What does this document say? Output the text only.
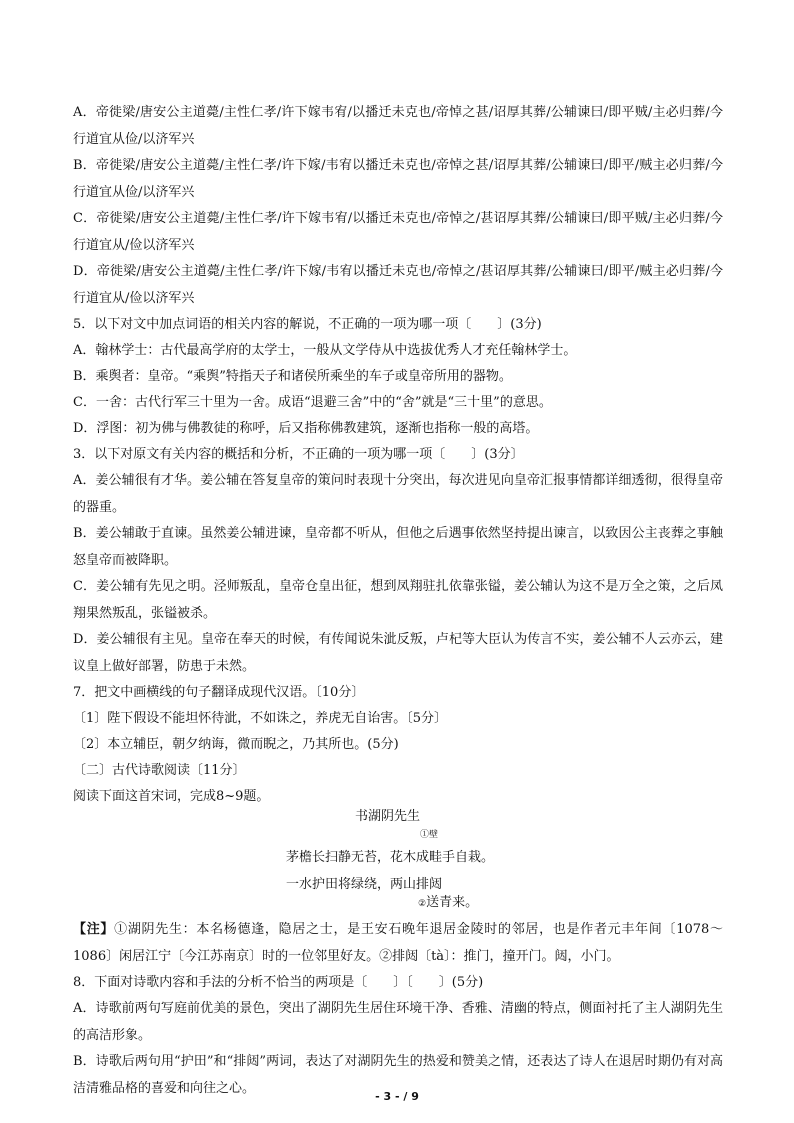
A．帝徙梁/唐安公主道薨/主性仁孝/许下嫁韦宥/以播迁未克也/帝悼之甚/诏厚其葬/公辅谏曰/即平贼/主必归葬/今行道宜从俭/以济军兴
B．帝徙梁/唐安公主道薨/主性仁孝/许下嫁/韦宥以播迁未克也/帝悼之甚/诏厚其葬/公辅谏曰/即平/贼主必归葬/今行道宜从俭/以济军兴
C．帝徙梁/唐安公主道薨/主性仁孝/许下嫁韦宥/以播迁未克也/帝悼之/甚诏厚其葬/公辅谏曰/即平贼/主必归葬/今行道宜从/俭以济军兴
D．帝徙梁/唐安公主道薨/主性仁孝/许下嫁/韦宥以播迁未克也/帝悼之/甚诏厚其葬/公辅谏曰/即平/贼主必归葬/今行道宜从/俭以济军兴
5．以下对文中加点词语的相关内容的解说，不正确的一项为哪一项〔　　〕(3分)
A．翰林学士：古代最高学府的太学士，一般从文学侍从中选拔优秀人才充任翰林学士。
B．乘舆者：皇帝。“乘舆”特指天子和诸侯所乘坐的车子或皇帝所用的器物。
C．一舍：古代行军三十里为一舍。成语“退避三舍”中的“舍”就是“三十里”的意思。
D．浮图：初为佛与佛教徒的称呼，后又指称佛教建筑，逐渐也指称一般的高塔。
3．以下对原文有关内容的概括和分析，不正确的一项为哪一项〔　　〕(3分〕
A．姜公辅很有才华。姜公辅在答复皇帝的策问时表现十分突出，每次进见向皇帝汇报事情都详细透彻，很得皇帝的器重。
B．姜公辅敢于直谏。虽然姜公辅进谏，皇帝都不听从，但他之后遇事依然坚持提出谏言，以致因公主丧葬之事触怒皇帝而被降职。
C．姜公辅有先见之明。泾师叛乱，皇帝仓皇出征，想到凤翔驻扎依靠张镒，姜公辅认为这不是万全之策，之后凤翔果然叛乱，张镒被杀。
D．姜公辅很有主见。皇帝在奉天的时候，有传闻说朱泚反叛，卢杞等大臣认为传言不实，姜公辅不人云亦云，建议皇上做好部署，防患于未然。
7．把文中画横线的句子翻译成现代汉语。〔10分〕
〔1〕陛下假设不能坦怀待泚，不如诛之，养虎无自诒害。〔5分〕
〔2〕本立辅臣，朝夕纳诲，微而睨之，乃其所也。(5分)
〔二〕古代诗歌阅读〔11分〕
阅读下面这首宋词，完成8~9题。
书湖阴先生
①壁
茅檐长扫静无苔，花木成畦手自栽。
一水护田将绿绕，两山排闼
②送青来。
【注】①湖阴先生：本名杨德逢，隐居之士，是王安石晚年退居金陵时的邻居，也是作者元丰年间〔1078～1086〕闲居江宁〔今江苏南京〕时的一位邻里好友。②排闼〔tà〕：推门，撞开门。闼，小门。
8．下面对诗歌内容和手法的分析不恰当的两项是〔　　〕〔　　〕(5分)
A．诗歌前两句写庭前优美的景色，突出了湖阴先生居住环境干净、香雅、清幽的特点，侧面衬托了主人湖阴先生的高洁形象。
B．诗歌后两句用“护田”和“排闼”两词，表达了对湖阴先生的热爱和赞美之情，还表达了诗人在退居时期仍有对高洁清雅品格的喜爱和向往之心。
- 3 - / 9
